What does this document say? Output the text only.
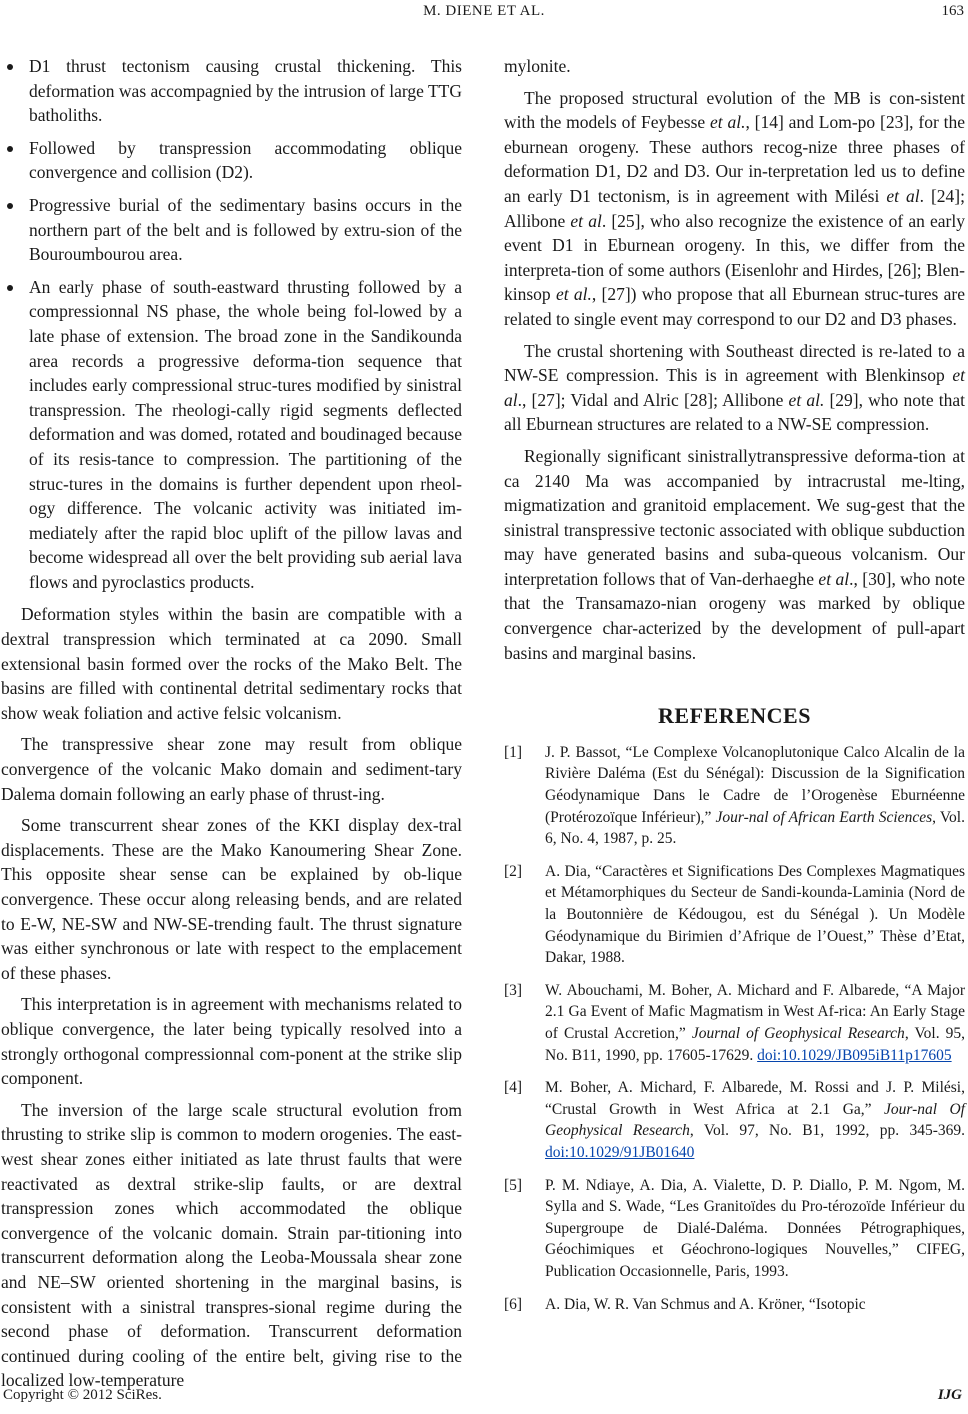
M. DIENE ET AL.	163
D1 thrust tectonism causing crustal thickening. This deformation was accompagnied by the intrusion of large TTG batholiths.
Followed by transpression accommodating oblique convergence and collision (D2).
Progressive burial of the sedimentary basins occurs in the northern part of the belt and is followed by extru-sion of the Bouroumbourou area.
An early phase of south-eastward thrusting followed by a compressionnal NS phase, the whole being fol-lowed by a late phase of extension. The broad zone in the Sandikounda area records a progressive deforma-tion sequence that includes early compressional struc-tures modified by sinistral transpression. The rheologi-cally rigid segments deflected deformation and was domed, rotated and boudinaged because of its resis-tance to compression. The partitioning of the struc-tures in the domains is further dependent upon rheol-ogy difference. The volcanic activity was initiated im-mediately after the rapid bloc uplift of the pillow lavas and become widespread all over the belt providing sub aerial lava flows and pyroclastics products.

Deformation styles within the basin are compatible with a dextral transpression which terminated at ca 2090. Small extensional basin formed over the rocks of the Mako Belt. The basins are filled with continental detrital sedimentary rocks that show weak foliation and active felsic volcanism.

The transpressive shear zone may result from oblique convergence of the volcanic Mako domain and sediment-tary Dalema domain following an early phase of thrust-ing.

Some transcurrent shear zones of the KKI display dex-tral displacements. These are the Mako Kanoumering Shear Zone. This opposite shear sense can be explained by ob-lique convergence. These occur along releasing bends, and are related to E-W, NE-SW and NW-SE-trending fault. The thrust signature was either synchronous or late with respect to the emplacement of these phases.

This interpretation is in agreement with mechanisms related to oblique convergence, the later being typically resolved into a strongly orthogonal compressionnal com-ponent at the strike slip component.

The inversion of the large scale structural evolution from thrusting to strike slip is common to modern orogenies. The east-west shear zones either initiated as late thrust faults that were reactivated as dextral strike-slip faults, or are dextral transpression zones which accommodated the oblique convergence of the volcanic domain. Strain par-titioning into transcurrent deformation along the Leoba-Moussala shear zone and NE–SW oriented shortening in the marginal basins, is consistent with a sinistral transpres-sional regime during the second phase of deformation. Transcurrent deformation continued during cooling of the entire belt, giving rise to the localized low-temperature

mylonite.

The proposed structural evolution of the MB is con-sistent with the models of Feybesse et al., [14] and Lom-po [23], for the eburnean orogeny. These authors recog-nize three phases of deformation D1, D2 and D3. Our in-terpretation led us to define an early D1 tectonism, is in agreement with Milési et al. [24]; Allibone et al. [25], who also recognize the existence of an early event D1 in Eburnean orogeny. In this, we differ from the interpreta-tion of some authors (Eisenlohr and Hirdes, [26]; Blen-kinsop et al., [27]) who propose that all Eburnean struc-tures are related to single event may correspond to our D2 and D3 phases.

The crustal shortening with Southeast directed is re-lated to a NW-SE compression. This is in agreement with Blenkinsop et al., [27]; Vidal and Alric [28]; Allibone et al. [29], who note that all Eburnean structures are related to a NW-SE compression.

Regionally significant sinistrallytranspressive deforma-tion at ca 2140 Ma was accompanied by intracrustal me-lting, migmatization and granitoid emplacement. We sug-gest that the sinistral transpressive tectonic associated with oblique subduction may have generated basins and suba-queous volcanism. Our interpretation follows that of Van-derhaeghe et al., [30], who note that the Transamazo-nian orogeny was marked by oblique convergence char-acterized by the development of pull-apart basins and marginal basins.

REFERENCES
[1] J. P. Bassot, “Le Complexe Volcanoplutonique Calco Alcalin de la Rivière Daléma (Est du Sénégal): Discussion de la Signification Géodynamique Dans le Cadre de l’Orogenèse Eburnéenne (Protérozoïque Inférieur),” Jour-nal of African Earth Sciences, Vol. 6, No. 4, 1987, p. 25.
[2] A. Dia, “Caractères et Significations Des Complexes Magmatiques et Métamorphiques du Secteur de Sandi-kounda-Laminia (Nord de la Boutonnière de Kédougou, est du Sénégal ). Un Modèle Géodynamique du Birimien d’Afrique de l’Ouest,” Thèse d’Etat, Dakar, 1988.
[3] W. Abouchami, M. Boher, A. Michard and F. Albarede, “A Major 2.1 Ga Event of Mafic Magmatism in West Af-rica: An Early Stage of Crustal Accretion,” Journal of Geophysical Research, Vol. 95, No. B11, 1990, pp. 17605-17629. doi:10.1029/JB095iB11p17605
[4] M. Boher, A. Michard, F. Albarede, M. Rossi and J. P. Milési, “Crustal Growth in West Africa at 2.1 Ga,” Jour-nal Of Geophysical Research, Vol. 97, No. B1, 1992, pp. 345-369. doi:10.1029/91JB01640
[5] P. M. Ndiaye, A. Dia, A. Vialette, D. P. Diallo, P. M. Ngom, M. Sylla and S. Wade, “Les Granitoïdes du Pro-térozoïde Inférieur du Supergroupe de Dialé-Daléma. Données Pétrographiques, Géochimiques et Géochrono-logiques Nouvelles,” CIFEG, Publication Occasionnelle, Paris, 1993.
[6] A. Dia, W. R. Van Schmus and A. Kröner, “Isotopic
Copyright © 2012 SciRes.	IJG
